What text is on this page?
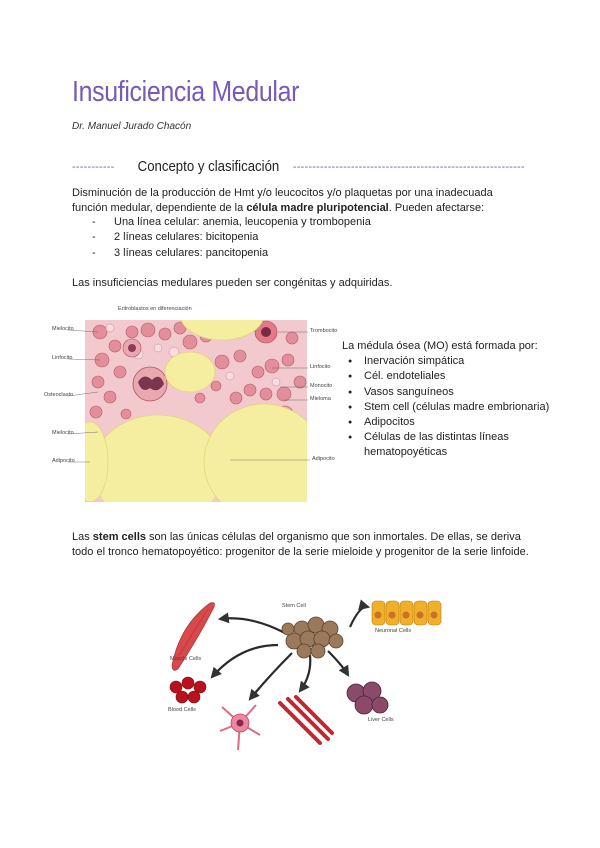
Insuficiencia Medular
Dr. Manuel Jurado Chacón
-----------	Concepto y clasificación ------------------------------------------------------------

Disminución de la producción de Hmt y/o leucocitos y/o plaquetas por una inadecuada función medular, dependiente de la célula madre pluripotencial. Pueden afectarse:

- Una línea celular: anemia, leucopenia y trombopenia
- 2 líneas celulares: bicitopenia
- 3 líneas celulares: pancitopenia

Las insuficiencias medulares pueden ser congénitas y adquiridas.

Eritroblastos en diferenciación
Mielocito
Linfocito
Osteoclasto
Mielocito
Adipocito
Trombocito
Linfocito
Monocito
Mieloma
Adipocito
La médula ósea (MO) está formada por:
● Inervación simpática
● Cél. endoteliales
● Vasos sanguíneos
● Stem cell (células madre embrionaria)
● Adipocitos
● Células de las distintas líneas hematopoyéticas

Las stem cells son las únicas células del organismo que son inmortales. De ellas, se deriva todo el tronco hematopoyético: progenitor de la serie mieloide y progenitor de la serie linfoide.

Stem Cell
Muscle Cells
Neuronal Cells
Blood Cells
Liver Cells
